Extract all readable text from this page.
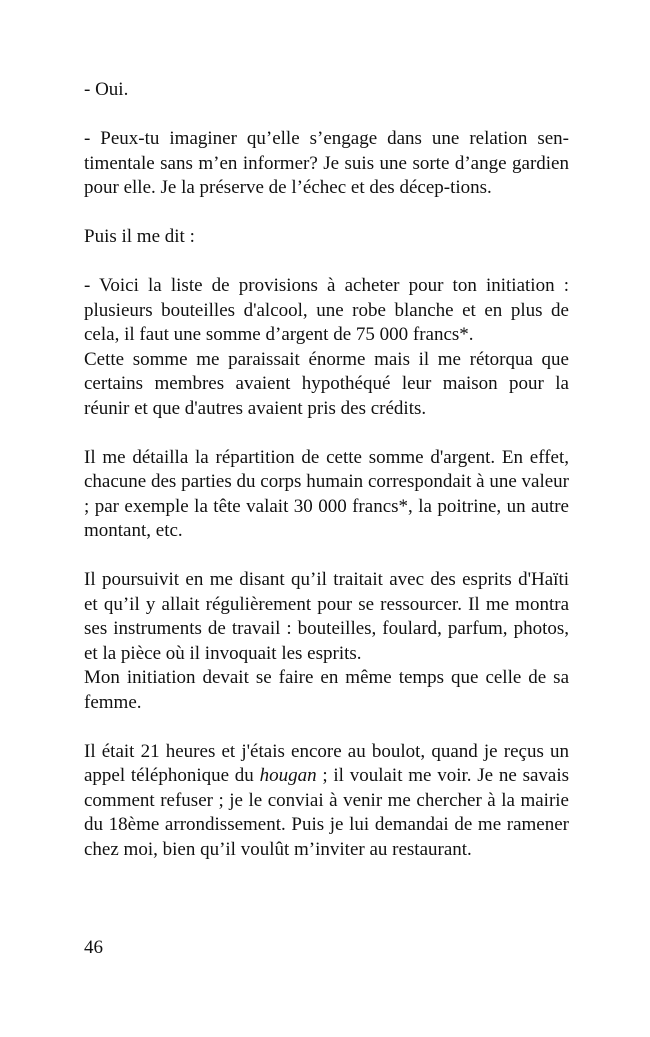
- Oui.

- Peux-tu imaginer qu’elle s’engage dans une relation sen-timentale sans m’en informer? Je suis une sorte d’ange gardien pour elle. Je la préserve de l’échec et des décep-tions.

Puis il me dit :

- Voici la liste de provisions à acheter pour ton initiation : plusieurs bouteilles d'alcool, une robe blanche et en plus de cela, il faut une somme d’argent de 75 000 francs*.

Cette somme me paraissait énorme mais il me rétorqua que certains membres avaient hypothéqué leur maison pour la réunir et que d'autres avaient pris des crédits.

Il me détailla la répartition de cette somme d'argent. En effet, chacune des parties du corps humain correspondait à une valeur ; par exemple la tête valait 30 000 francs*, la poitrine, un autre montant, etc.

Il poursuivit en me disant qu’il traitait avec des esprits d'Haïti et qu’il y allait régulièrement pour se ressourcer. Il me montra ses instruments de travail : bouteilles, foulard, parfum, photos, et la pièce où il invoquait les esprits.

Mon initiation devait se faire en même temps que celle de sa femme.

Il était 21 heures et j'étais encore au boulot, quand je reçus un appel téléphonique du hougan ; il voulait me voir. Je ne savais comment refuser ; je le conviai à venir me chercher à la mairie du 18ème arrondissement. Puis je lui demandai de me ramener chez moi, bien qu’il voulût m’inviter au restaurant.

46
